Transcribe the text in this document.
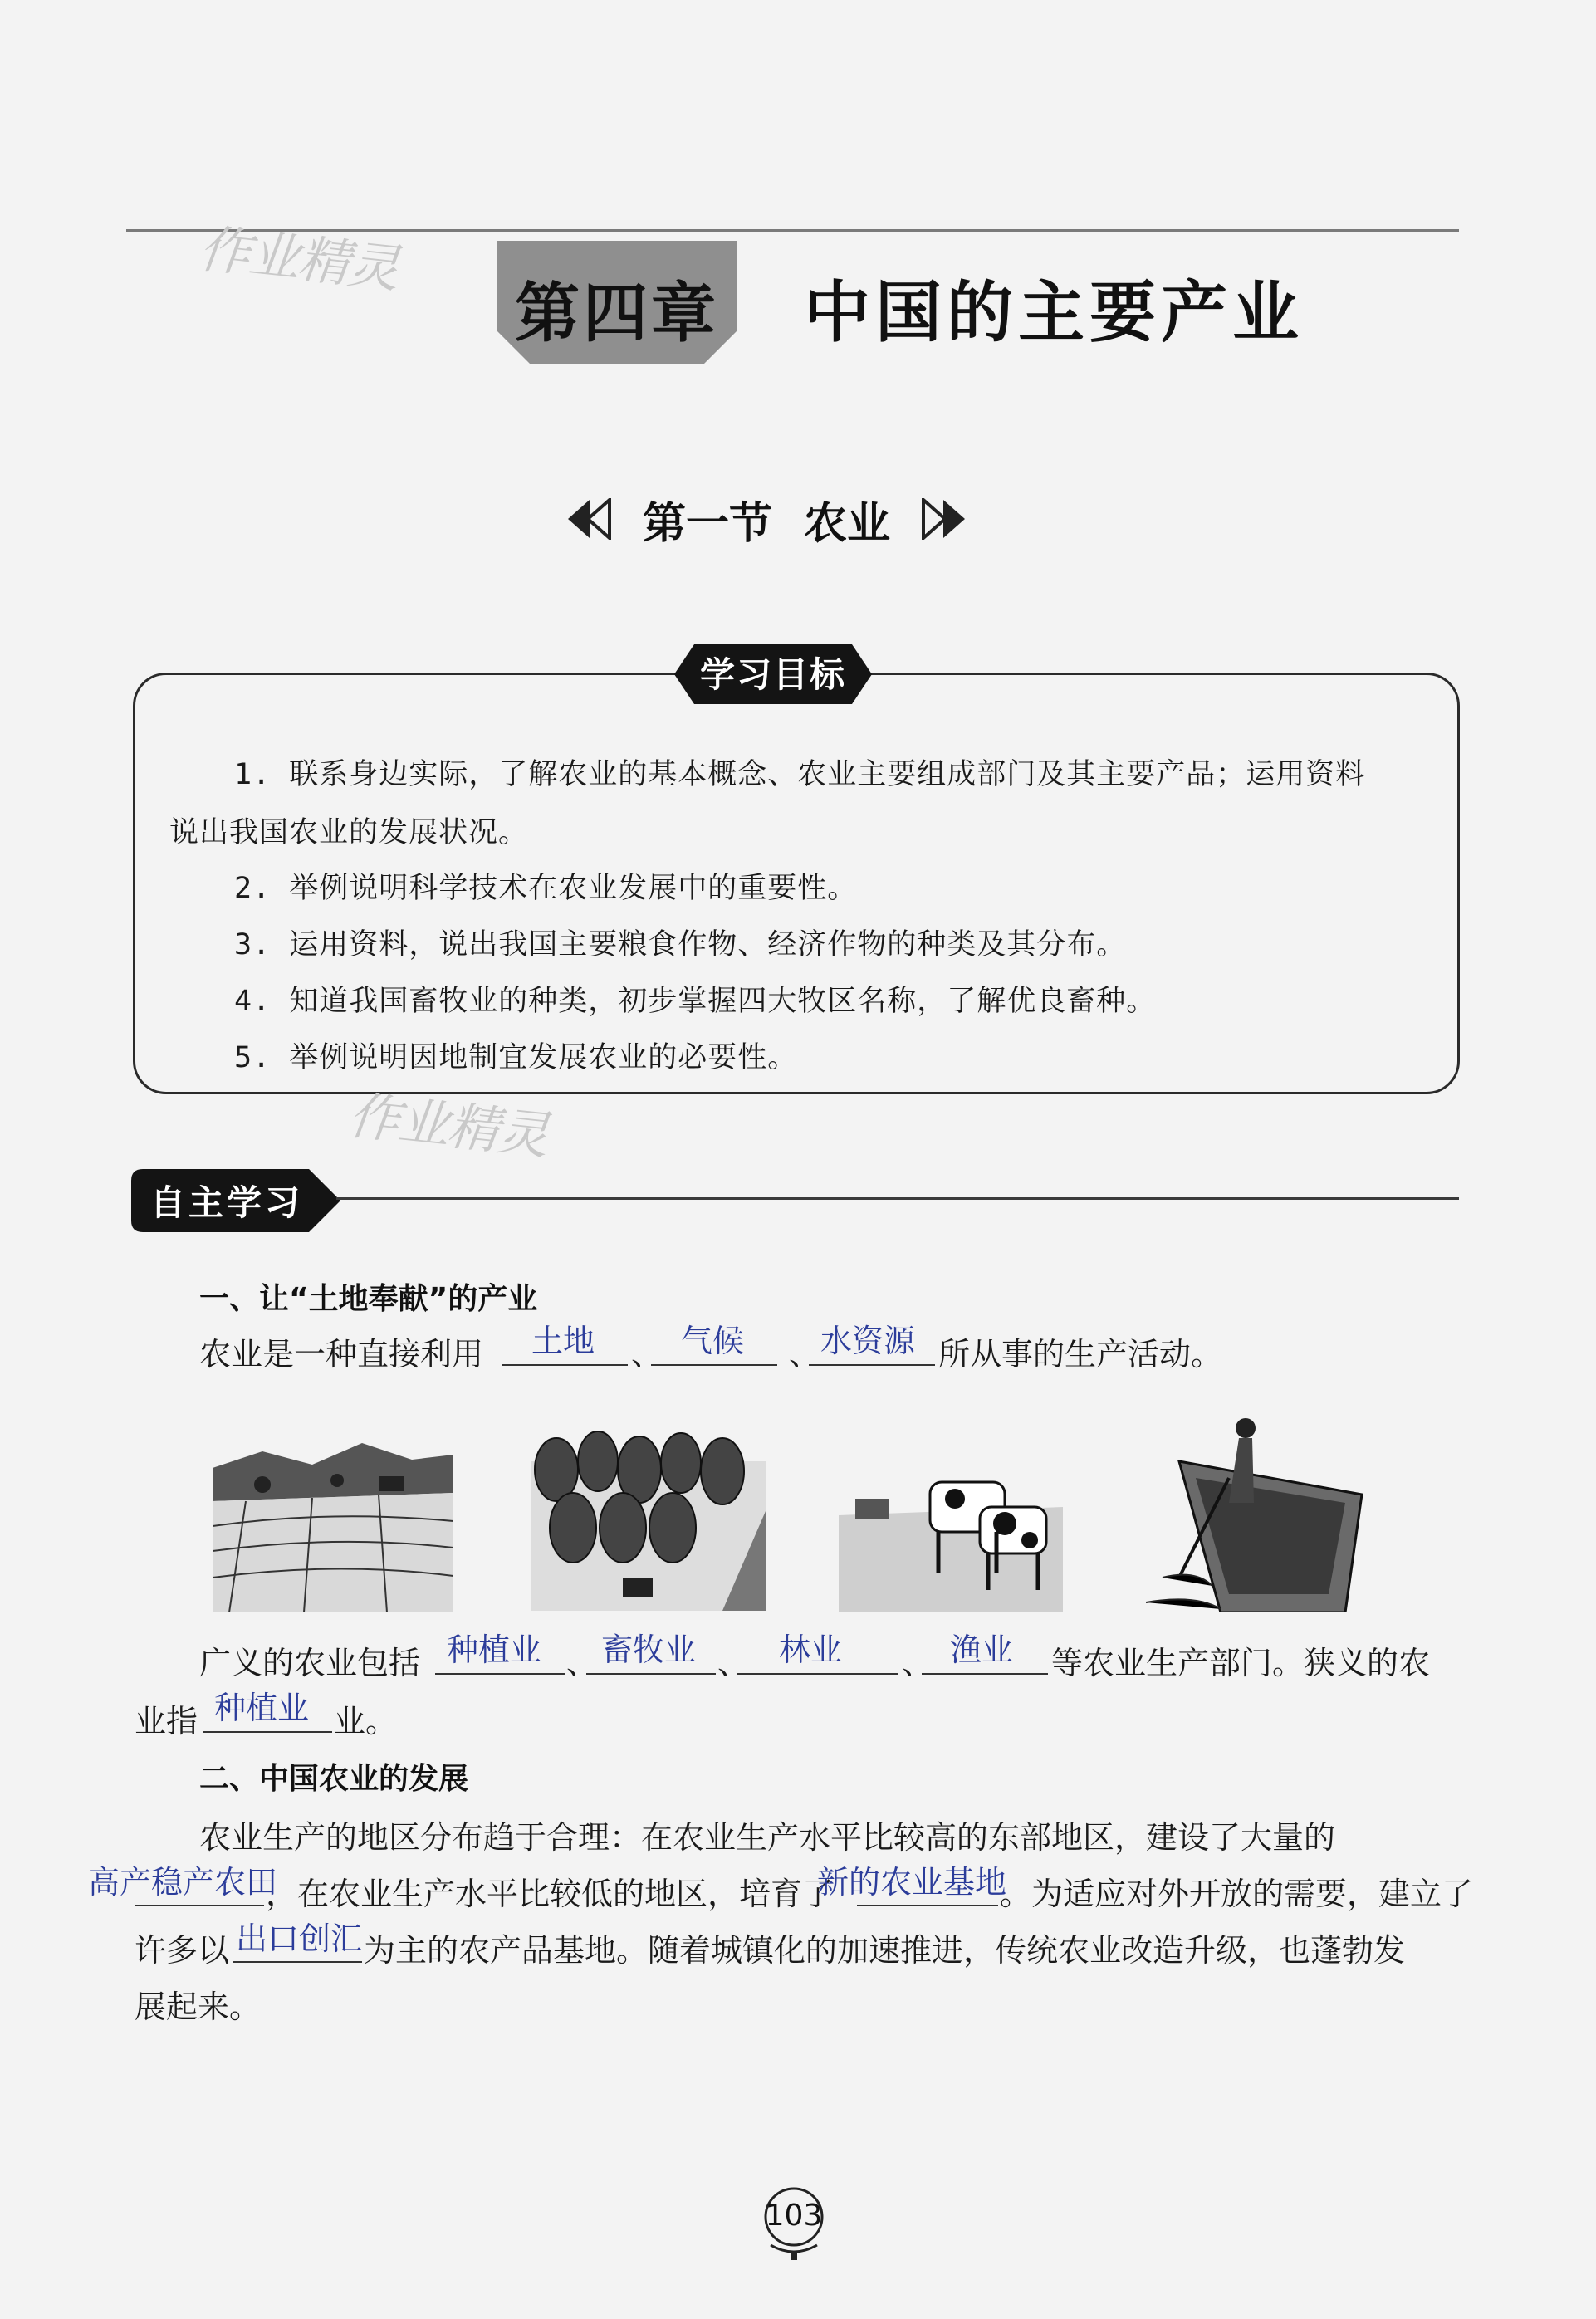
第四章 中国的主要产业
作业精灵
第一节 农业
学习目标
1. 联系身边实际，了解农业的基本概念、农业主要组成部门及其主要产品；运用资料
说出我国农业的发展状况。
2. 举例说明科学技术在农业发展中的重要性。
3. 运用资料，说出我国主要粮食作物、经济作物的种类及其分布。
4. 知道我国畜牧业的种类，初步掌握四大牧区名称，了解优良畜种。
5. 举例说明因地制宜发展农业的必要性。
作业精灵
自主学习
一、让“土地奉献”的产业
农业是一种直接利用 土地 、 气候 、 水资源 所从事的生产活动。
广义的农业包括 种植业 、 畜牧业 、 林业 、 渔业 等农业生产部门。狭义的农
业指 种植业 业。
二、中国农业的发展
农业生产的地区分布趋于合理：在农业生产水平比较高的东部地区，建设了大量的
高产稳产农田
，在农业生产水平比较低的地区，培育了
新的农业基地
。为适应对外开放的需要，建立了
许多以 出口创汇 为主的农产品基地。随着城镇化的加速推进，传统农业改造升级，也蓬勃发
展起来。
103
